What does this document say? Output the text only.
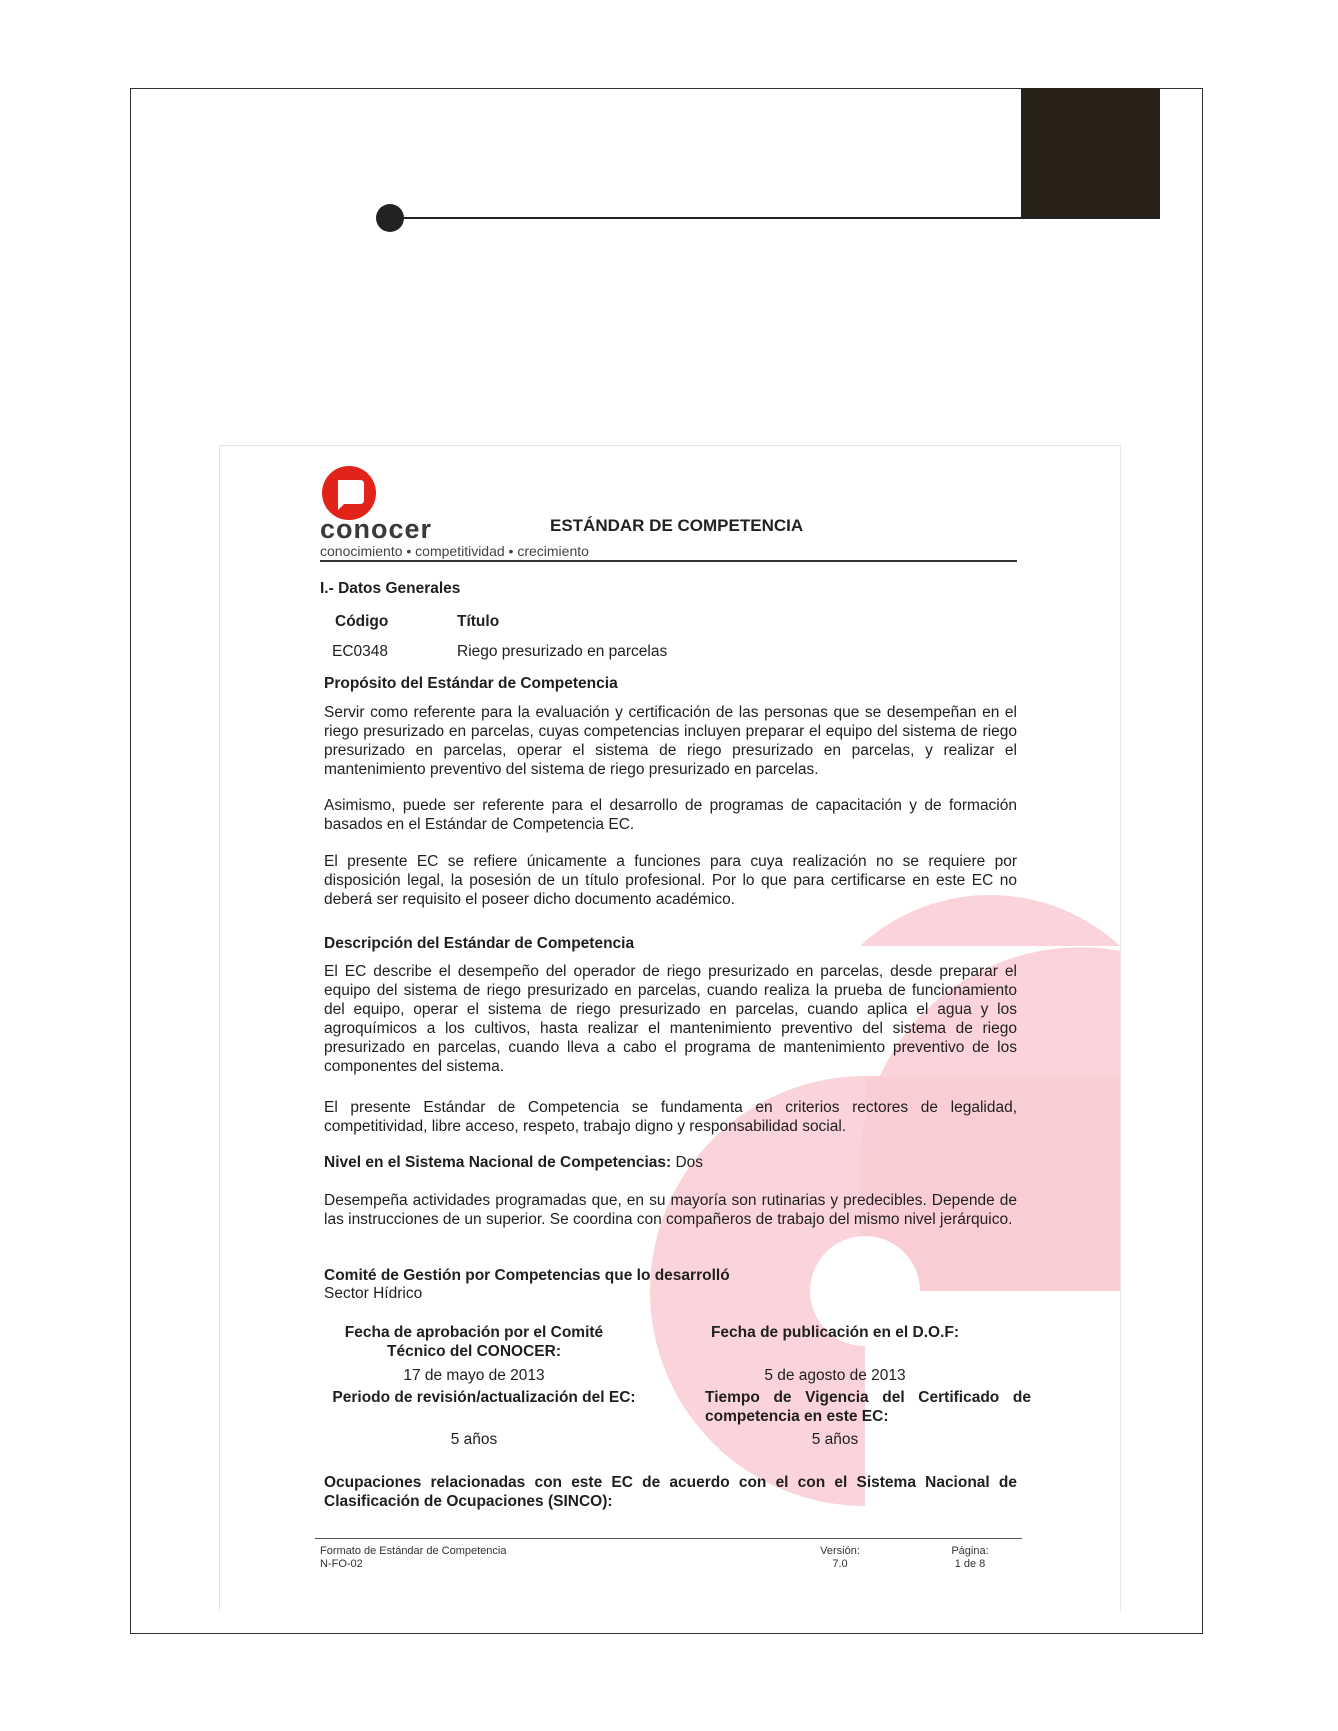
conocer
conocimiento • competitividad • crecimiento
ESTÁNDAR DE COMPETENCIA
I.- Datos Generales
Código	Título
EC0348	Riego presurizado en parcelas
Propósito del Estándar de Competencia
Servir como referente para la evaluación y certificación de las personas que se desempeñan en el riego presurizado en parcelas, cuyas competencias incluyen preparar el equipo del sistema de riego presurizado en parcelas, operar el sistema de riego presurizado en parcelas, y realizar el mantenimiento preventivo del sistema de riego presurizado en parcelas.
Asimismo, puede ser referente para el desarrollo de programas de capacitación y de formación basados en el Estándar de Competencia EC.
El presente EC se refiere únicamente a funciones para cuya realización no se requiere por disposición legal, la posesión de un título profesional. Por lo que para certificarse en este EC no deberá ser requisito el poseer dicho documento académico.
Descripción del Estándar de Competencia
El EC describe el desempeño del operador de riego presurizado en parcelas, desde preparar el equipo del sistema de riego presurizado en parcelas, cuando realiza la prueba de funcionamiento del equipo, operar el sistema de riego presurizado en parcelas, cuando aplica el agua y los agroquímicos a los cultivos, hasta realizar el mantenimiento preventivo del sistema de riego presurizado en parcelas, cuando lleva a cabo el programa de mantenimiento preventivo de los componentes del sistema.
El presente Estándar de Competencia se fundamenta en criterios rectores de legalidad, competitividad, libre acceso, respeto, trabajo digno y responsabilidad social.
Nivel en el Sistema Nacional de Competencias: Dos
Desempeña actividades programadas que, en su mayoría son rutinarias y predecibles. Depende de las instrucciones de un superior. Se coordina con compañeros de trabajo del mismo nivel jerárquico.
Comité de Gestión por Competencias que lo desarrolló
Sector Hídrico
Fecha de aprobación por el Comité
Técnico del CONOCER:
17 de mayo de 2013
Fecha de publicación en el D.O.F:
5 de agosto de 2013
Periodo de revisión/actualización del EC:
5 años
Tiempo de Vigencia del Certificado de
competencia en este EC:
5 años
Ocupaciones relacionadas con este EC de acuerdo con el con el Sistema Nacional de Clasificación de Ocupaciones (SINCO):
Formato de Estándar de Competencia
N-FO-02
Versión:
7.0
Página:
1 de 8
